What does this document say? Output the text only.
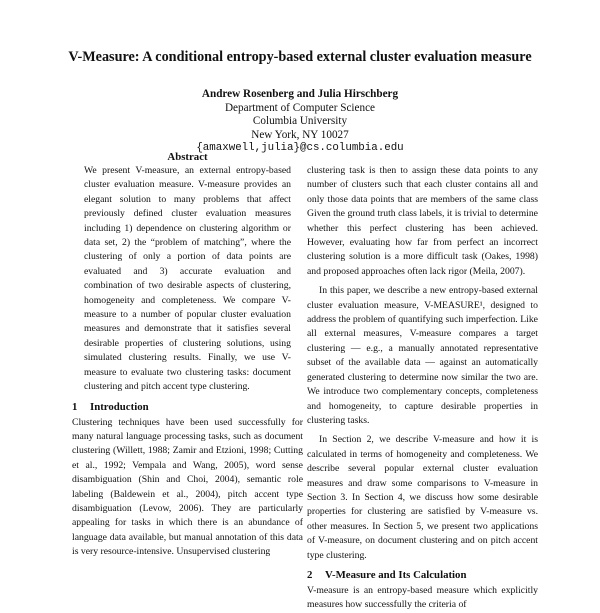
V-Measure: A conditional entropy-based external cluster evaluation measure
Andrew Rosenberg and Julia Hirschberg
Department of Computer Science
Columbia University
New York, NY 10027
{amaxwell,julia}@cs.columbia.edu
Abstract

We present V-measure, an external entropy-based cluster evaluation measure. V-measure provides an elegant solution to many problems that affect previously defined cluster evaluation measures including 1) dependence on clustering algorithm or data set, 2) the “problem of matching”, where the clustering of only a portion of data points are evaluated and 3) accurate evaluation and combination of two desirable aspects of clustering, homogeneity and completeness. We compare V-measure to a number of popular cluster evaluation measures and demonstrate that it satisfies several desirable properties of clustering solutions, using simulated clustering results. Finally, we use V-measure to evaluate two clustering tasks: document clustering and pitch accent type clustering.

1 Introduction

Clustering techniques have been used successfully for many natural language processing tasks, such as document clustering (Willett, 1988; Zamir and Etzioni, 1998; Cutting et al., 1992; Vempala and Wang, 2005), word sense disambiguation (Shin and Choi, 2004), semantic role labeling (Baldewein et al., 2004), pitch accent type disambiguation (Levow, 2006). They are particularly appealing for tasks in which there is an abundance of language data available, but manual annotation of this data is very resource-intensive. Unsupervised clustering

clustering task is then to assign these data points to any number of clusters such that each cluster contains all and only those data points that are members of the same class Given the ground truth class labels, it is trivial to determine whether this perfect clustering has been achieved. However, evaluating how far from perfect an incorrect clustering solution is a more difficult task (Oakes, 1998) and proposed approaches often lack rigor (Meila, 2007).

In this paper, we describe a new entropy-based external cluster evaluation measure, V-MEASURE¹, designed to address the problem of quantifying such imperfection. Like all external measures, V-measure compares a target clustering — e.g., a manually annotated representative subset of the available data — against an automatically generated clustering to determine now similar the two are. We introduce two complementary concepts, completeness and homogeneity, to capture desirable properties in clustering tasks.

In Section 2, we describe V-measure and how it is calculated in terms of homogeneity and completeness. We describe several popular external cluster evaluation measures and draw some comparisons to V-measure in Section 3. In Section 4, we discuss how some desirable properties for clustering are satisfied by V-measure vs. other measures. In Section 5, we present two applications of V-measure, on document clustering and on pitch accent type clustering.

2 V-Measure and Its Calculation

V-measure is an entropy-based measure which explicitly measures how successfully the criteria of
